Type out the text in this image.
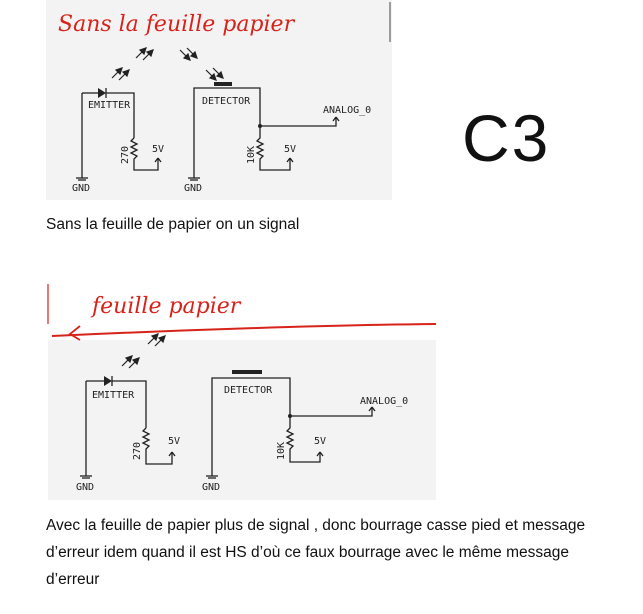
Sans la feuille papier
EMITTER
270 5V
GND
DETECTOR
ANALOG_0
10K	5V
GND
feuille papier
EMITTER
270
5V
GND
DETECTOR
ANALOG_0
10K
5V
GND
C3

Sans la feuille de papier on un signal

Avec la feuille de papier plus de signal , donc bourrage casse pied et message d’erreur idem quand il est HS d’où ce faux bourrage avec le même message d’erreur
